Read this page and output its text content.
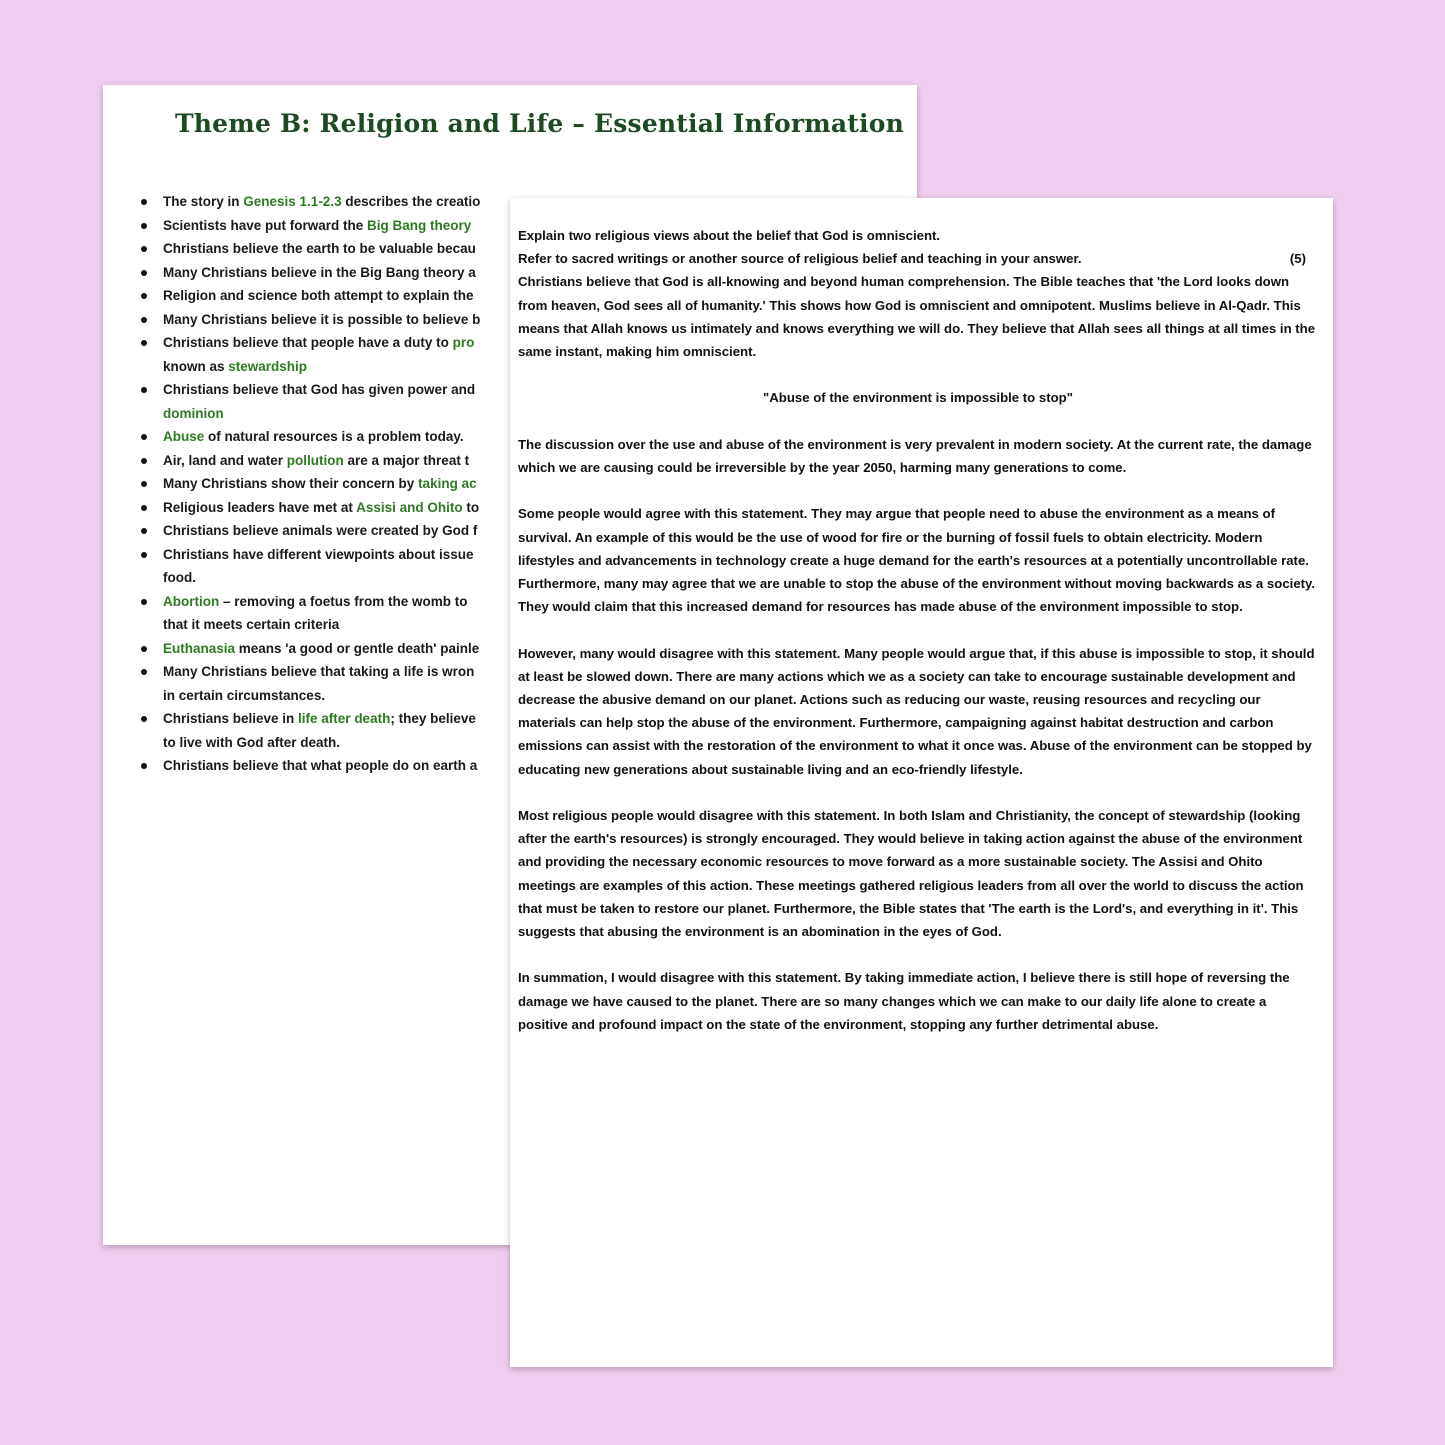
Theme B: Religion and Life – Essential Information
The story in Genesis 1.1-2.3 describes the creatio
Scientists have put forward the Big Bang theory
Christians believe the earth to be valuable becau
Many Christians believe in the Big Bang theory a
Religion and science both attempt to explain the
Many Christians believe it is possible to believe b
Christians believe that people have a duty to pro
known as stewardship
Christians believe that God has given power and
dominion
Abuse of natural resources is a problem today.
Air, land and water pollution are a major threat t
Many Christians show their concern by taking ac
Religious leaders have met at Assisi and Ohito to
Christians believe animals were created by God f
Christians have different viewpoints about issue
food.
Abortion – removing a foetus from the womb to
that it meets certain criteria
Euthanasia means 'a good or gentle death' painle
Many Christians believe that taking a life is wron
in certain circumstances.
Christians believe in life after death; they believe
to live with God after death.
Christians believe that what people do on earth a
Explain two religious views about the belief that God is omniscient.
Refer to sacred writings or another source of religious belief and teaching in your answer.	(5)

Christians believe that God is all-knowing and beyond human comprehension. The Bible teaches that 'the Lord looks down from heaven, God sees all of humanity.' This shows how God is omniscient and omnipotent. Muslims believe in Al-Qadr. This means that Allah knows us intimately and knows everything we will do. They believe that Allah sees all things at all times in the same instant, making him omniscient.

"Abuse of the environment is impossible to stop"

The discussion over the use and abuse of the environment is very prevalent in modern society. At the current rate, the damage which we are causing could be irreversible by the year 2050, harming many generations to come.

Some people would agree with this statement. They may argue that people need to abuse the environment as a means of survival. An example of this would be the use of wood for fire or the burning of fossil fuels to obtain electricity. Modern lifestyles and advancements in technology create a huge demand for the earth's resources at a potentially uncontrollable rate. Furthermore, many may agree that we are unable to stop the abuse of the environment without moving backwards as a society. They would claim that this increased demand for resources has made abuse of the environment impossible to stop.

However, many would disagree with this statement. Many people would argue that, if this abuse is impossible to stop, it should at least be slowed down. There are many actions which we as a society can take to encourage sustainable development and decrease the abusive demand on our planet. Actions such as reducing our waste, reusing resources and recycling our materials can help stop the abuse of the environment. Furthermore, campaigning against habitat destruction and carbon emissions can assist with the restoration of the environment to what it once was. Abuse of the environment can be stopped by educating new generations about sustainable living and an eco-friendly lifestyle.

Most religious people would disagree with this statement. In both Islam and Christianity, the concept of stewardship (looking after the earth's resources) is strongly encouraged. They would believe in taking action against the abuse of the environment and providing the necessary economic resources to move forward as a more sustainable society. The Assisi and Ohito meetings are examples of this action. These meetings gathered religious leaders from all over the world to discuss the action that must be taken to restore our planet. Furthermore, the Bible states that 'The earth is the Lord's, and everything in it'. This suggests that abusing the environment is an abomination in the eyes of God.

In summation, I would disagree with this statement. By taking immediate action, I believe there is still hope of reversing the damage we have caused to the planet. There are so many changes which we can make to our daily life alone to create a positive and profound impact on the state of the environment, stopping any further detrimental abuse.
